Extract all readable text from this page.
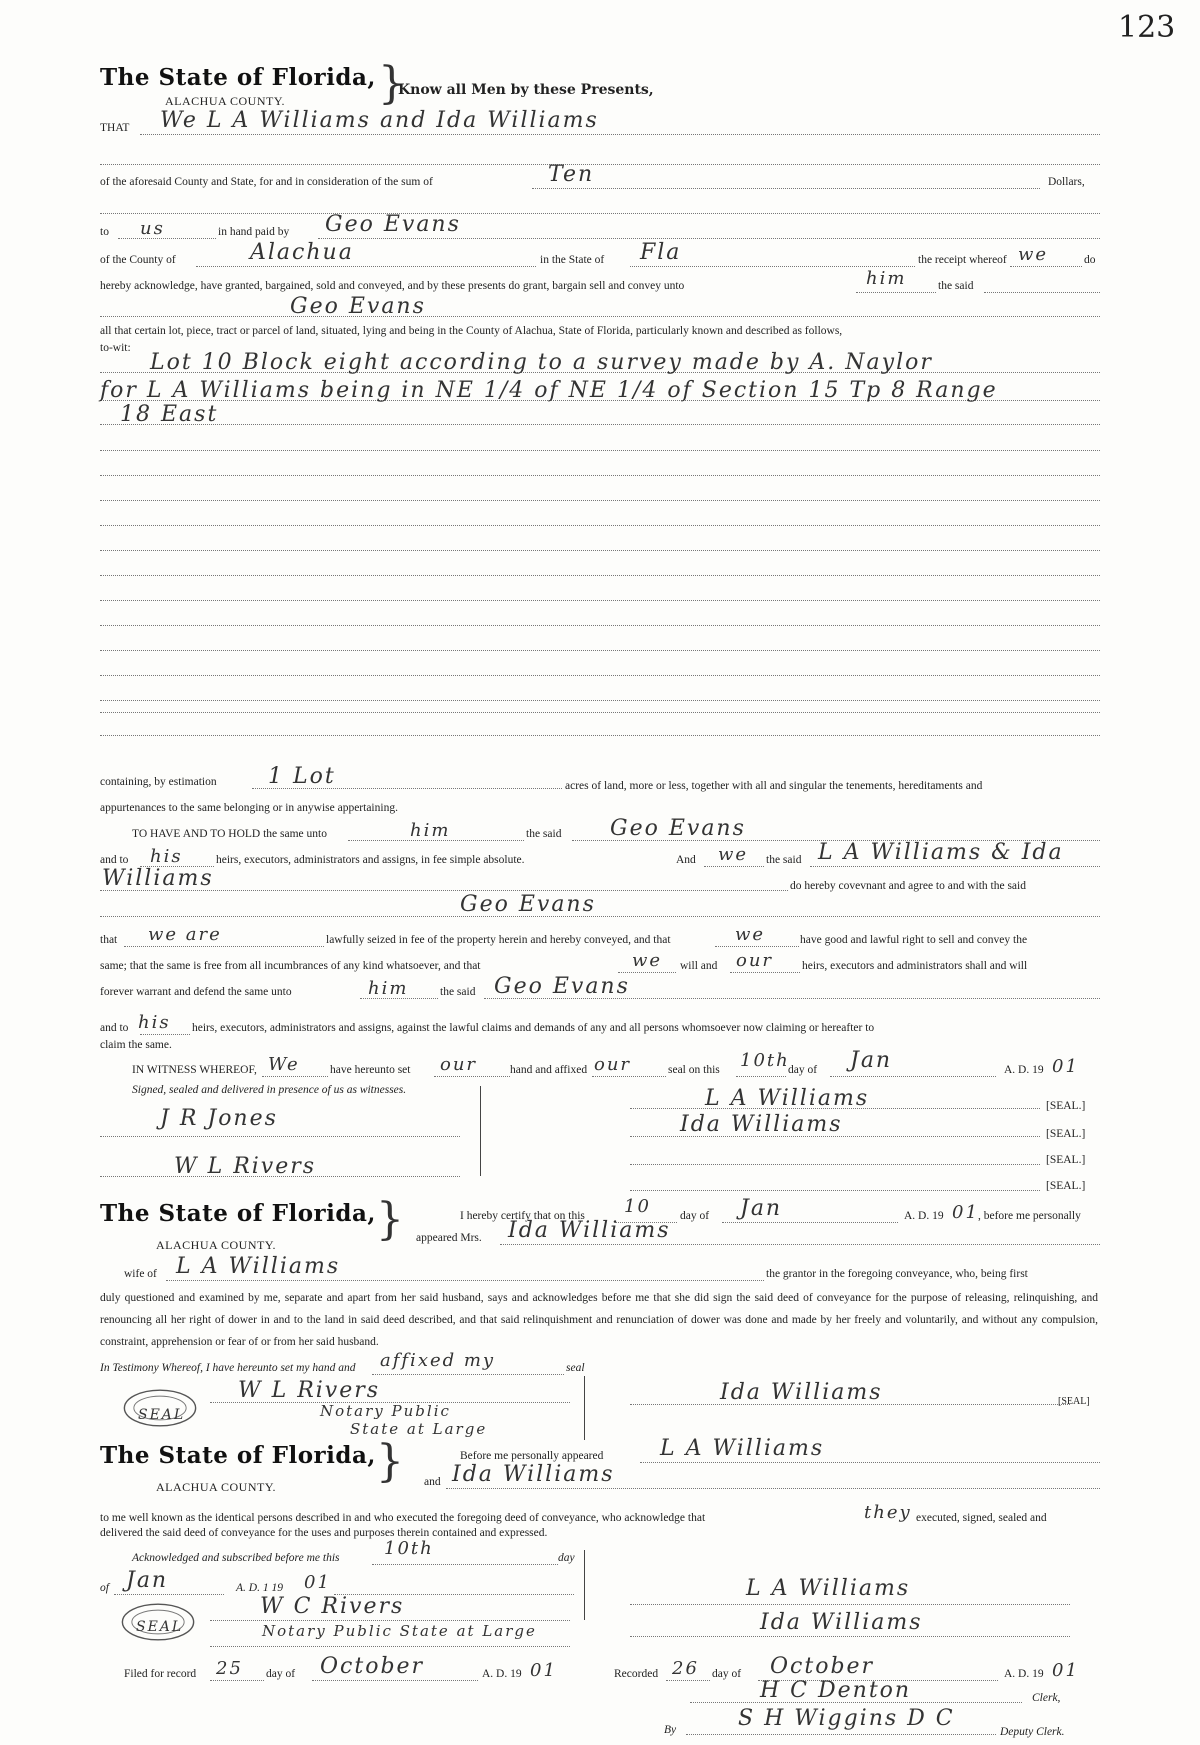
123
The State of Florida, }
Know all Men by these Presents,
ALACHUA COUNTY.
THAT We L A Williams and Ida Williams
of the aforesaid County and State, for and in consideration of the sum of	Ten	Dollars,
to us	in hand paid by Geo Evans
of the County of	Alachua	in the State of Fla	the receipt whereof we	do
hereby acknowledge, have granted, bargained, sold and conveyed, and by these presents do grant, bargain sell and convey unto	him	the said
Geo Evans
all that certain lot, piece, tract or parcel of land, situated, lying and being in the County of Alachua, State of Florida, particularly known and described as follows,
to-wit:
Lot 10 Block eight according to a survey made by A. Naylor
for L A Williams being in NE 1/4 of NE 1/4 of Section 15 Tp 8 Range
18 East
containing, by estimation 1 Lot	acres of land, more or less, together with all and singular the tenements, hereditaments and
appurtenances to the same belonging or in anywise appertaining.
TO HAVE AND TO HOLD the same unto	him	the said Geo Evans
and to his	heirs, executors, administrators and assigns, in fee simple absolute.	And we the said L A Williams & Ida
Williams	do hereby covevnant and agree to and with the said
Geo Evans
that we are	lawfully seized in fee of the property herein and hereby conveyed, and that	we	have good and lawful right to sell and convey the
same; that the same is free from all incumbrances of any kind whatsoever, and that	we will and our	heirs, executors and administrators shall and will
forever warrant and defend the same unto	him	the said Geo Evans
and to his heirs, executors, administrators and assigns, against the lawful claims and demands of any and all persons whomsoever now claiming or hereafter to
claim the same.
IN WITNESS WHEREOF, We	have hereunto set our	hand and affixed our	seal on this 10th
day of Jan	A. D. 19 01
Signed, sealed and delivered in presence of us as witnesses.
J R Jones
W L Rivers
L A Williams	[SEAL.]
Ida Williams	[SEAL.]
[SEAL.]
[SEAL.]
The State of Florida, }
ALACHUA COUNTY.
I hereby certify that on this 10	day of Jan	A. D. 19 01 , before me personally
appeared Mrs. Ida Williams
wife of L A Williams	the grantor in the foregoing conveyance, who, being first
duly questioned and examined by me, separate and apart from her said husband, says and acknowledges before me that she did sign the said deed of conveyance for the purpose of releasing, relinquishing, and renouncing all her right of dower in and to the land in said deed described, and that said relinquishment and renunciation of dower was done and made by her freely and voluntarily, and without any compulsion, constraint, apprehension or fear of or from her said husband.
In Testimony Whereof, I have hereunto set my hand and affixed my	seal
SEAL
W L Rivers
Notary Public
State at Large
Ida Williams	[SEAL]
The State of Florida, }
ALACHUA COUNTY.
Before me personally appeared	L A Williams
and Ida Williams
to me well known as the identical persons described in and who executed the foregoing deed of conveyance, who acknowledge that	they executed, signed, sealed and
delivered the said deed of conveyance for the uses and purposes therein contained and expressed.
Acknowledged and subscribed before me this 10th	day
of Jan	A. D. 1 19 01
SEAL
W C Rivers
Notary Public State at Large
L A Williams
Ida Williams
Filed for record 25 day of October	A. D. 19 01	Recorded 26 day of October	A. D. 19 01
H C Denton	Clerk,
By	S H Wiggins D C
Deputy Clerk.
